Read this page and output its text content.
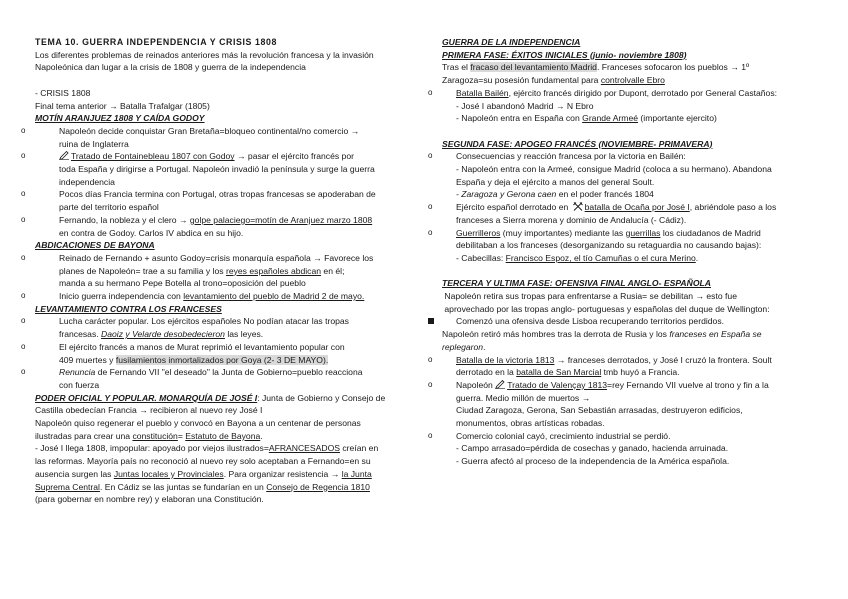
TEMA 10. GUERRA INDEPENDENCIA Y CRISIS 1808
Los diferentes problemas de reinados anteriores más la revolución francesa y la invasión
Napoleónica dan lugar a la crisis de 1808 y guerra de la independencia
- CRISIS 1808
Final tema anterior → Batalla Trafalgar (1805)
MOTÍN ARANJUEZ 1808 Y CAÍDA GODOY
o	Napoleón decide conquistar Gran Bretaña=bloqueo continental/no comercio →
ruina de Inglaterra
o	Tratado de Fontainebleau 1807 con Godoy → pasar el ejército francés por
toda España y dirigirse a Portugal. Napoleón invadió la península y surge la guerra
independencia
o	Pocos días Francia termina con Portugal, otras tropas francesas se apoderaban de
parte del territorio español
o	Fernando, la nobleza y el clero → golpe palaciego=motín de Aranjuez marzo 1808
en contra de Godoy. Carlos IV abdica en su hijo.
ABDICACIONES DE BAYONA
o	Reinado de Fernando + asunto Godoy=crisis monarquía española → Favorece los
planes de Napoleón= trae a su familia y los reyes españoles abdican en él;
manda a su hermano Pepe Botella al trono=oposición del pueblo
o	Inicio guerra independencia con levantamiento del pueblo de Madrid 2 de mayo.
LEVANTAMIENTO CONTRA LOS FRANCESES
o	Lucha carácter popular. Los ejércitos españoles No podían atacar las tropas
francesas. Daoiz y Velarde desobedecieron las leyes.
o	El ejército francés a manos de Murat reprimió el levantamiento popular con
409 muertes y fusilamientos inmortalizados por Goya (2- 3 DE MAYO).
o	Renuncia de Fernando VII "el deseado" la Junta de Gobierno=pueblo reacciona
con fuerza
PODER OFICIAL Y POPULAR. MONARQUÍA DE JOSÉ I: Junta de Gobierno y Consejo de
Castilla obedecían Francia → recibieron al nuevo rey José I
Napoleón quiso regenerar el pueblo y convocó en Bayona a un centenar de personas
ilustradas para crear una constitución= Estatuto de Bayona.
- José I llega 1808, impopular: apoyado por viejos ilustrados=AFRANCESADOS creían en
las reformas. Mayoría país no reconoció al nuevo rey solo aceptaban a Fernando=en su
ausencia surgen las Juntas locales y Provinciales. Para organizar resistencia → la Junta
Suprema Central. En Cádiz se las juntas se fundarían en un Consejo de Regencia 1810
(para gobernar en nombre rey) y elaboran una Constitución.
GUERRA DE LA INDEPENDENCIA
PRIMERA FASE: ÉXITOS INICIALES (junio- noviembre 1808)
Tras el fracaso del levantamiento Madrid. Franceses sofocaron los pueblos → 1º
Zaragoza=su posesión fundamental para controlvalle Ebro
o	Batalla Bailén, ejército francés dirigido por Dupont, derrotado por General Castaños:
- José I abandonó Madrid → N Ebro
- Napoleón entra en España con Grande Armeé (importante ejercito)
SEGUNDA FASE: APOGEO FRANCÉS (NOVIEMBRE- PRIMAVERA)
o	Consecuencias y reacción francesa por la victoria en Bailén:
- Napoleón entra con la Armeé, consigue Madrid (coloca a su hermano). Abandona
España y deja el ejército a manos del general Soult.
- Zaragoza y Gerona caen en el poder francés 1804
o	Ejército español derrotado en batalla de Ocaña por José I, abriéndole paso a los
franceses a Sierra morena y dominio de Andalucía (- Cádiz).
o	Guerrilleros (muy importantes) mediante las guerrillas los ciudadanos de Madrid
debilitaban a los franceses (desorganizando su retaguardia no causando bajas):
- Cabecillas: Francisco Espoz, el tío Camuñas o el cura Merino.
TERCERA Y ULTIMA FASE: OFENSIVA FINAL ANGLO- ESPAÑOLA
Napoleón retira sus tropas para enfrentarse a Rusia= se debilitan → esto fue
aprovechado por las tropas anglo- portuguesas y españolas del duque de Wellington:
Comenzó una ofensiva desde Lisboa recuperando territorios perdidos.
Napoleón retiró más hombres tras la derrota de Rusia y los franceses en España se
replegaron.
o	Batalla de la victoria 1813 → franceses derrotados, y José I cruzó la frontera. Soult
derrotado en la batalla de San Marcial tmb huyó a Francia.
o	Napoleón Tratado de Valençay 1813=rey Fernando VII vuelve al trono y fin a la
guerra. Medio millón de muertos →
Ciudad Zaragoza, Gerona, San Sebastián arrasadas, destruyeron edificios,
monumentos, obras artísticas robadas.
o	Comercio colonial cayó, crecimiento industrial se perdió.
- Campo arrasado=pérdida de cosechas y ganado, hacienda arruinada.
- Guerra afectó al proceso de la independencia de la América española.
